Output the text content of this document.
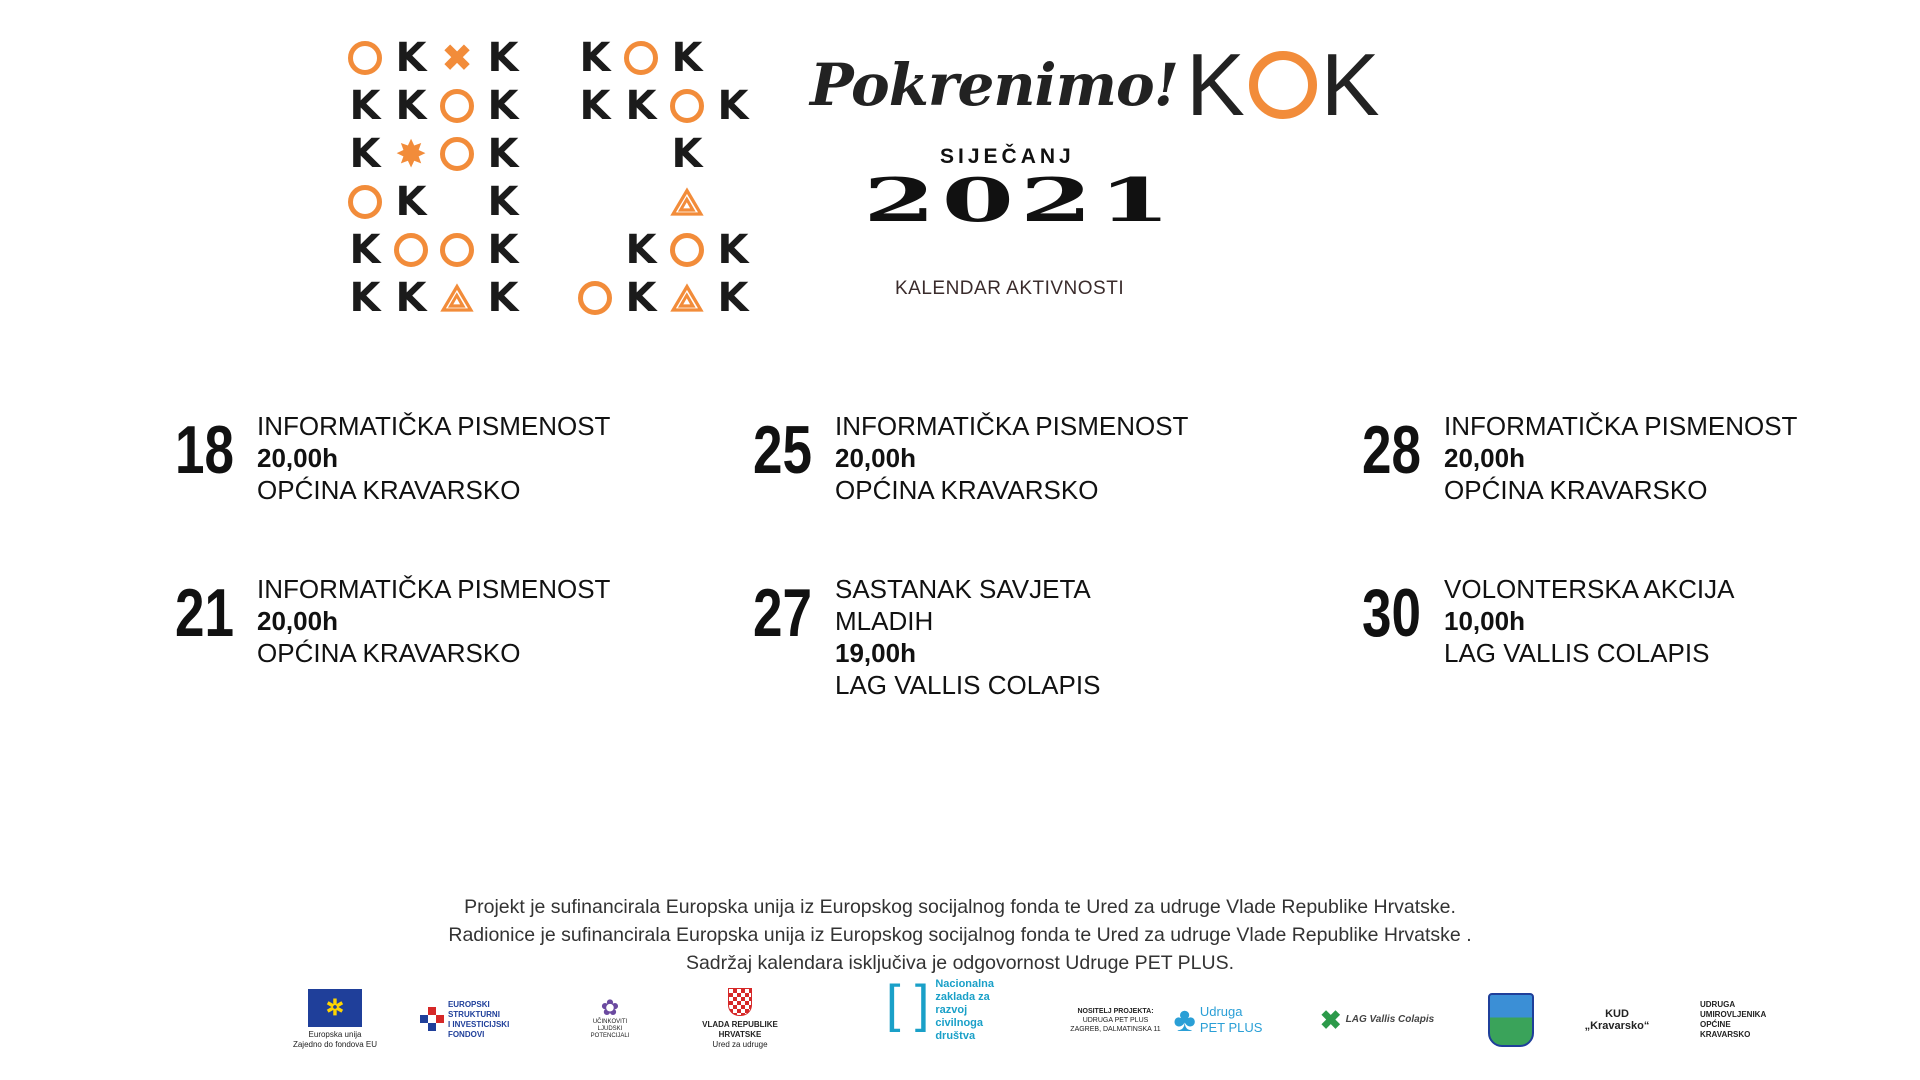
K ✖ K
K K K
K ✸ K
K K
K	K
K K ⟁ K
K K
K K K
K
⟁
K K
K ⟁ K
Pokrenimo! K K
SIJEČANJ
2021
KALENDAR AKTIVNOSTI
18 INFORMATIČKA PISMENOST
20,00h
OPĆINA KRAVARSKO
25 INFORMATIČKA PISMENOST
20,00h
OPĆINA KRAVARSKO
28 INFORMATIČKA PISMENOST
20,00h
OPĆINA KRAVARSKO
21 INFORMATIČKA PISMENOST
20,00h
OPĆINA KRAVARSKO
27 SASTANAK SAVJETA
MLADIH
19,00h
LAG VALLIS COLAPIS
30 VOLONTERSKA AKCIJA
10,00h
LAG VALLIS COLAPIS
Projekt je sufinancirala Europska unija iz Europskog socijalnog fonda te Ured za udruge Vlade Republike Hrvatske.
Radionice je sufinancirala Europska unija iz Europskog socijalnog fonda te Ured za udruge Vlade Republike Hrvatske .
Sadržaj kalendara isključiva je odgovornost Udruge PET PLUS.
✲
Europska unija
Zajedno do fondova EU
EUROPSKI STRUKTURNI
I INVESTICIJSKI FONDOVI
✿
UČINKOVITI
LJUDSKI
POTENCIJALI
VLADA REPUBLIKE HRVATSKE
Ured za udruge
[ ] Nacionalna
zaklada za
razvoj
civilnoga
društva
NOSITELJ PROJEKTA:
UDRUGA PET PLUS
ZAGREB, DALMATINSKA 11 ♣ Udruga
PET PLUS ✖ LAG Vallis Colapis	KUD
„Kravarsko“
UDRUGA
UMIROVLJENIKA
OPĆINE
KRAVARSKO
